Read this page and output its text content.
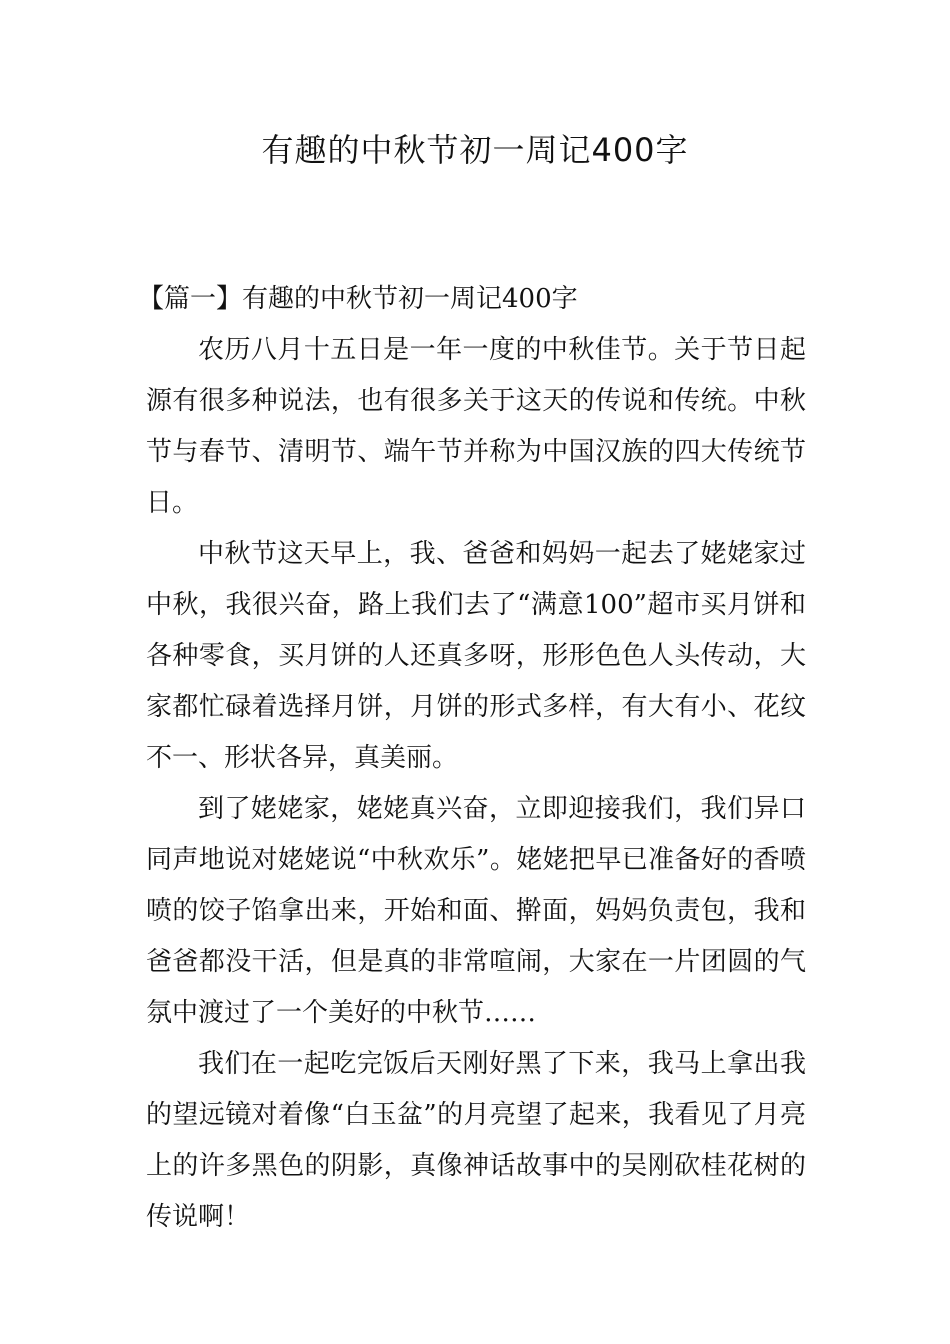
有趣的中秋节初一周记400字

【篇一】有趣的中秋节初一周记400字

农历八月十五日是一年一度的中秋佳节。关于节日起源有很多种说法，也有很多关于这天的传说和传统。中秋节与春节、清明节、端午节并称为中国汉族的四大传统节日。

中秋节这天早上，我、爸爸和妈妈一起去了姥姥家过中秋，我很兴奋，路上我们去了“满意100”超市买月饼和各种零食，买月饼的人还真多呀，形形色色人头传动，大家都忙碌着选择月饼，月饼的形式多样，有大有小、花纹不一、形状各异，真美丽。

到了姥姥家，姥姥真兴奋，立即迎接我们，我们异口同声地说对姥姥说“中秋欢乐”。姥姥把早已准备好的香喷喷的饺子馅拿出来，开始和面、擀面，妈妈负责包，我和爸爸都没干活，但是真的非常喧闹，大家在一片团圆的气氛中渡过了一个美好的中秋节……

我们在一起吃完饭后天刚好黑了下来，我马上拿出我的望远镜对着像“白玉盆”的月亮望了起来，我看见了月亮上的许多黑色的阴影，真像神话故事中的吴刚砍桂花树的传说啊！
